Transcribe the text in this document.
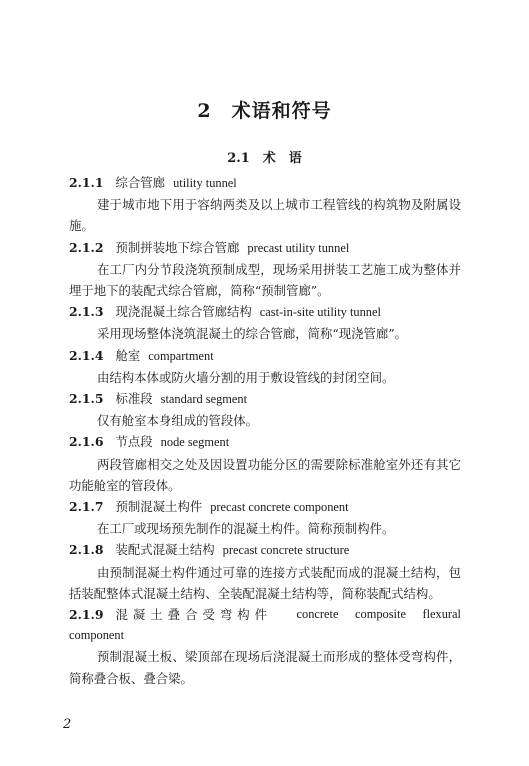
2　术语和符号
2.1　术　语
2.1.1 综合管廊 utility tunnel
建于城市地下用于容纳两类及以上城市工程管线的构筑物及附属设施。
2.1.2 预制拼装地下综合管廊 precast utility tunnel
在工厂内分节段浇筑预制成型，现场采用拼装工艺施工成为整体并埋于地下的装配式综合管廊，简称“预制管廊”。
2.1.3 现浇混凝土综合管廊结构 cast-in-site utility tunnel
采用现场整体浇筑混凝土的综合管廊，简称“现浇管廊”。
2.1.4 舱室 compartment
由结构本体或防火墙分割的用于敷设管线的封闭空间。
2.1.5 标准段 standard segment
仅有舱室本身组成的管段体。
2.1.6 节点段 node segment
两段管廊相交之处及因设置功能分区的需要除标准舱室外还有其它功能舱室的管段体。
2.1.7 预制混凝土构件 precast concrete component
在工厂或现场预先制作的混凝土构件。简称预制构件。
2.1.8 装配式混凝土结构 precast concrete structure
由预制混凝土构件通过可靠的连接方式装配而成的混凝土结构，包括装配整体式混凝土结构、全装配混凝土结构等，简称装配式结构。
2.1.9 混凝土叠合受弯构件	concrete composite flexural
component
预制混凝土板、梁顶部在现场后浇混凝土而形成的整体受弯构件，简称叠合板、叠合梁。
2
